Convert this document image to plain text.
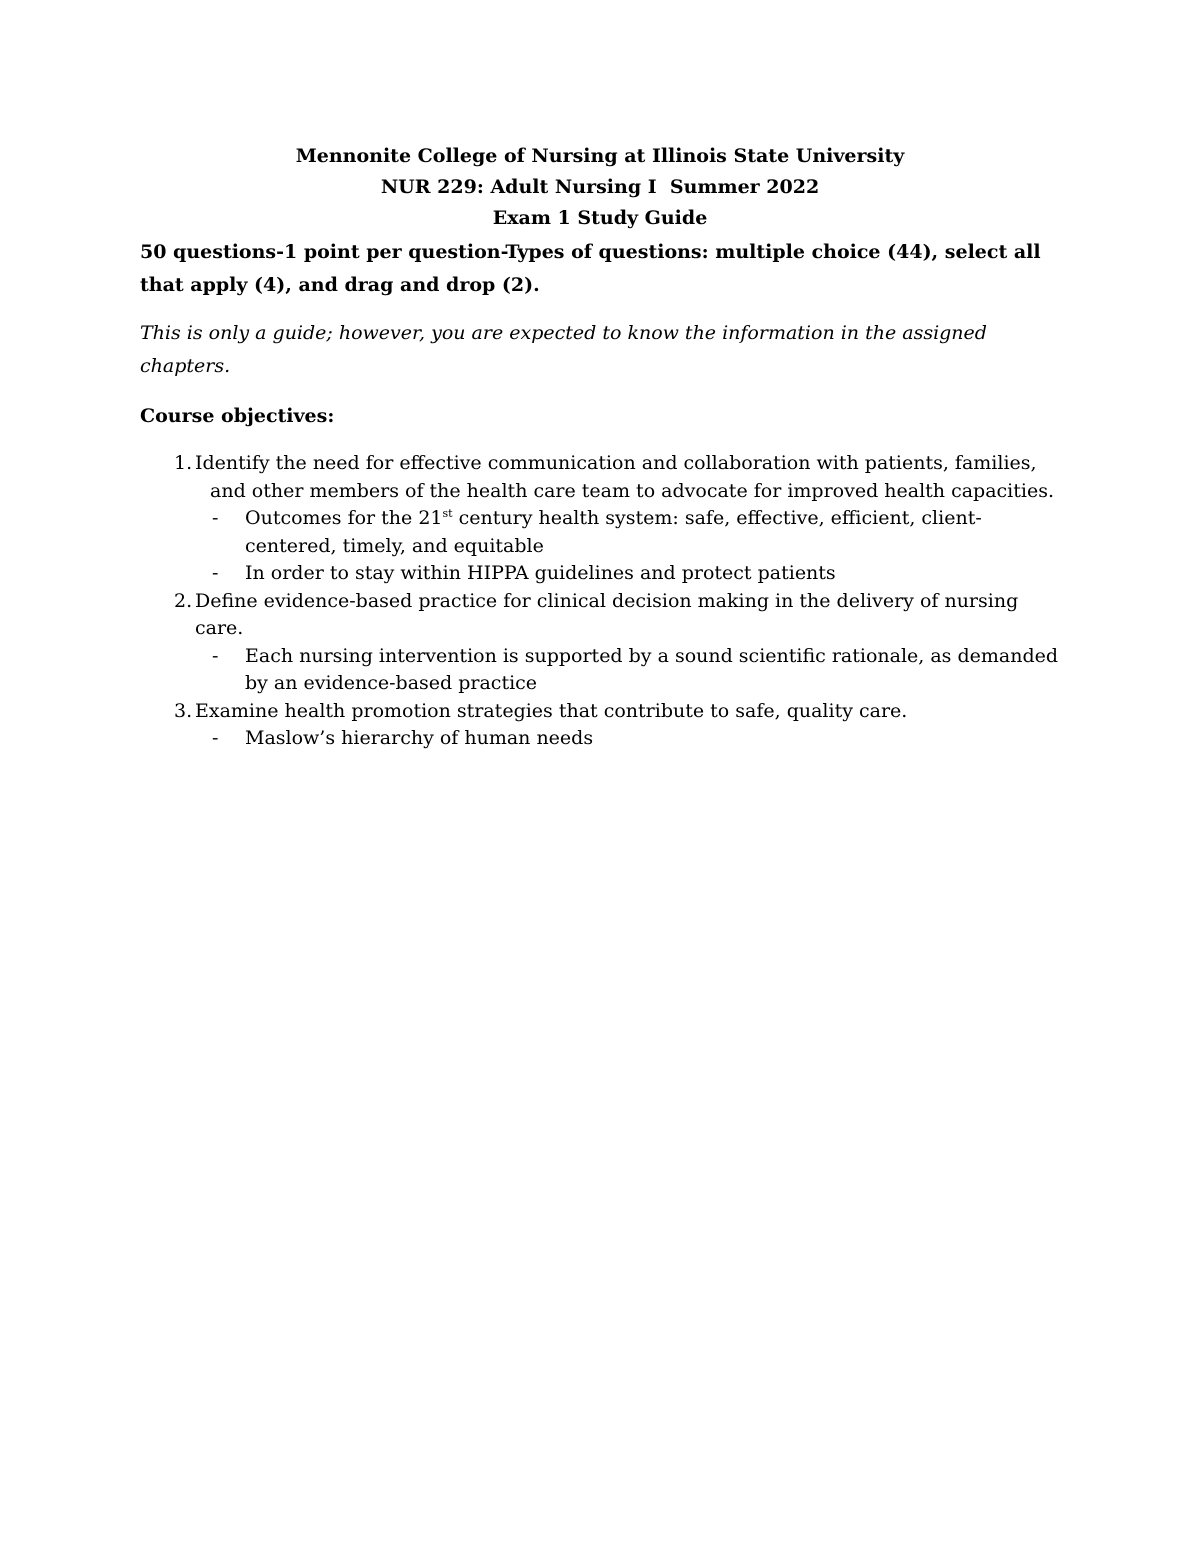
Mennonite College of Nursing at Illinois State University

NUR 229: Adult Nursing I Summer 2022

Exam 1 Study Guide

50 questions-1 point per question-Types of questions: multiple choice (44), select all that apply (4), and drag and drop (2).

This is only a guide; however, you are expected to know the information in the assigned chapters.

Course objectives:

1. Identify the need for effective communication and collaboration with patients, families, and other members of the health care team to advocate for improved health capacities.
- Outcomes for the 21st century health system: safe, effective, efficient, client-centered, timely, and equitable
- In order to stay within HIPPA guidelines and protect patients
2. Define evidence-based practice for clinical decision making in the delivery of nursing care.
- Each nursing intervention is supported by a sound scientific rationale, as demanded by an evidence-based practice
3. Examine health promotion strategies that contribute to safe, quality care.
- Maslow’s hierarchy of human needs
